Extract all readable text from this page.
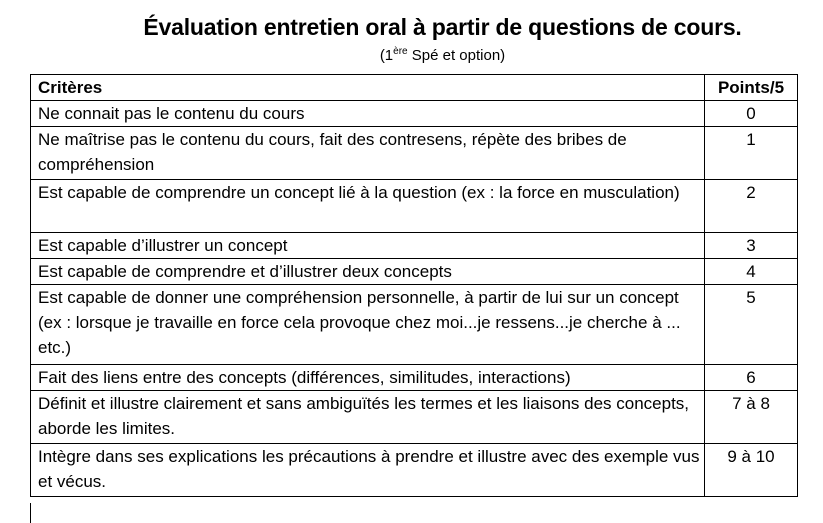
Évaluation entretien oral à partir de questions de cours.
(1ère Spé et option)
Critères	Points/5
Ne connait pas le contenu du cours	0
Ne maîtrise pas le contenu du cours, fait des contresens, répète des bribes de compréhension	1
Est capable de comprendre un concept lié à la question (ex : la force en musculation)	2
Est capable d’illustrer un concept	3
Est capable de comprendre et d’illustrer deux concepts	4
Est capable de donner une compréhension personnelle, à partir de lui sur un concept (ex : lorsque je travaille en force cela provoque chez moi...je ressens...je cherche à ... etc.)	5
Fait des liens entre des concepts (différences, similitudes, interactions)	6
Définit et illustre clairement et sans ambiguïtés les termes et les liaisons des concepts, aborde les limites.	7 à 8
Intègre dans ses explications les précautions à prendre et illustre avec des exemple vus et vécus.	9 à 10
